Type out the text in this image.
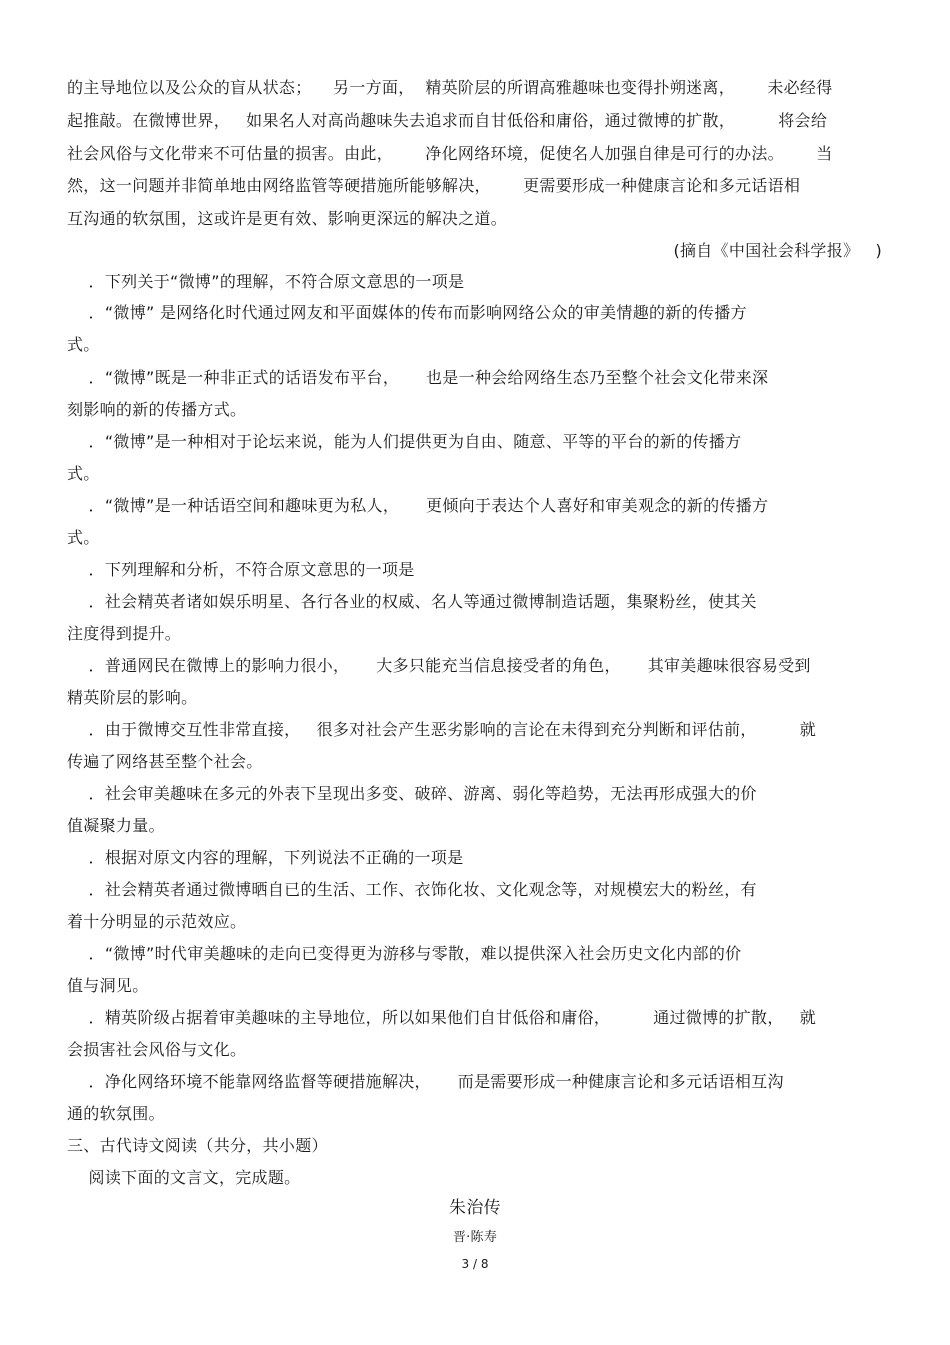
的主导地位以及公众的盲从状态；    另一方面，  精英阶层的所谓高雅趣味也变得扑朔迷离，      未必经得
起推敲。在微博世界，   如果名人对高尚趣味失去追求而自甘低俗和庸俗，通过微博的扩散，        将会给
社会风俗与文化带来不可估量的损害。由此，      净化网络环境，促使名人加强自律是可行的办法。      当
然，这一问题并非简单地由网络监管等硬措施所能够解决，      更需要形成一种健康言论和多元话语相
互沟通的软氛围，这或许是更有效、影响更深远的解决之道。
(摘自《中国社会科学报》   )
．下列关于“微博”的理解，不符合原文意思的一项是
．“微博” 是网络化时代通过网友和平面媒体的传布而影响网络公众的审美情趣的新的传播方
式。
．“微博”既是一种非正式的话语发布平台，     也是一种会给网络生态乃至整个社会文化带来深
刻影响的新的传播方式。
．“微博”是一种相对于论坛来说，能为人们提供更为自由、随意、平等的平台的新的传播方
式。
．“微博”是一种话语空间和趣味更为私人，     更倾向于表达个人喜好和审美观念的新的传播方
式。
．下列理解和分析，不符合原文意思的一项是
．社会精英者诸如娱乐明星、各行各业的权威、名人等通过微博制造话题，集聚粉丝，使其关
注度得到提升。
．普通网民在微博上的影响力很小，     大多只能充当信息接受者的角色，     其审美趣味很容易受到
精英阶层的影响。
．由于微博交互性非常直接，   很多对社会产生恶劣影响的言论在未得到充分判断和评估前，        就
传遍了网络甚至整个社会。
．社会审美趣味在多元的外表下呈现出多变、破碎、游离、弱化等趋势，无法再形成强大的价
值凝聚力量。
．根据对原文内容的理解，下列说法不正确的一项是
．社会精英者通过微博晒自已的生活、工作、衣饰化妆、文化观念等，对规模宏大的粉丝，有
着十分明显的示范效应。
．“微博”时代审美趣味的走向已变得更为游移与零散，难以提供深入社会历史文化内部的价
值与洞见。
．精英阶级占据着审美趣味的主导地位，所以如果他们自甘低俗和庸俗，        通过微博的扩散，   就
会损害社会风俗与文化。
．净化网络环境不能靠网络监督等硬措施解决，     而是需要形成一种健康言论和多元话语相互沟
通的软氛围。
三、古代诗文阅读（共分，共小题）
阅读下面的文言文，完成题。
朱治传
晋·陈寿
3 / 8
